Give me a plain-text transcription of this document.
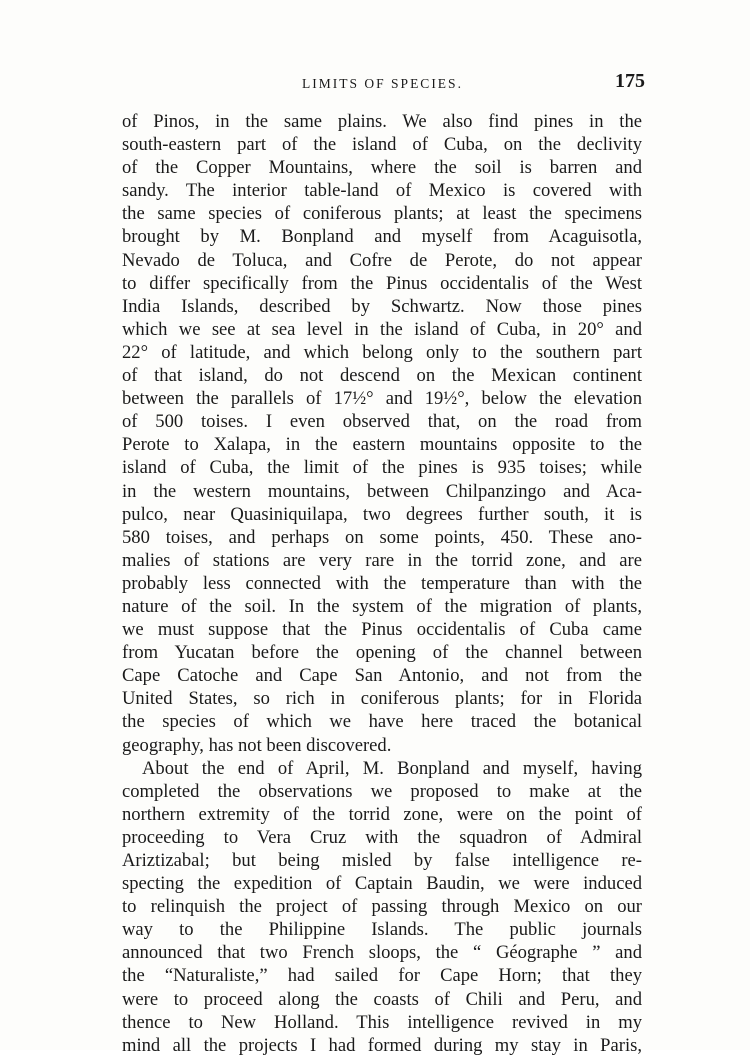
LIMITS OF SPECIES.	175
of Pinos, in the same plains. We also find pines in the
south-eastern part of the island of Cuba, on the declivity
of the Copper Mountains, where the soil is barren and
sandy. The interior table-land of Mexico is covered with
the same species of coniferous plants; at least the specimens
brought by M. Bonpland and myself from Acaguisotla,
Nevado de Toluca, and Cofre de Perote, do not appear
to differ specifically from the Pinus occidentalis of the West
India Islands, described by Schwartz. Now those pines
which we see at sea level in the island of Cuba, in 20° and
22° of latitude, and which belong only to the southern part
of that island, do not descend on the Mexican continent
between the parallels of 17½° and 19½°, below the elevation
of 500 toises. I even observed that, on the road from
Perote to Xalapa, in the eastern mountains opposite to the
island of Cuba, the limit of the pines is 935 toises; while
in the western mountains, between Chilpanzingo and Aca-
pulco, near Quasiniquilapa, two degrees further south, it is
580 toises, and perhaps on some points, 450. These ano-
malies of stations are very rare in the torrid zone, and are
probably less connected with the temperature than with the
nature of the soil. In the system of the migration of plants,
we must suppose that the Pinus occidentalis of Cuba came
from Yucatan before the opening of the channel between
Cape Catoche and Cape San Antonio, and not from the
United States, so rich in coniferous plants; for in Florida
the species of which we have here traced the botanical
geography, has not been discovered.
About the end of April, M. Bonpland and myself, having
completed the observations we proposed to make at the
northern extremity of the torrid zone, were on the point of
proceeding to Vera Cruz with the squadron of Admiral
Ariztizabal; but being misled by false intelligence re-
specting the expedition of Captain Baudin, we were induced
to relinquish the project of passing through Mexico on our
way to the Philippine Islands. The public journals
announced that two French sloops, the “ Géographe ” and
the “Naturaliste,” had sailed for Cape Horn; that they
were to proceed along the coasts of Chili and Peru, and
thence to New Holland. This intelligence revived in my
mind all the projects I had formed during my stay in Paris,
